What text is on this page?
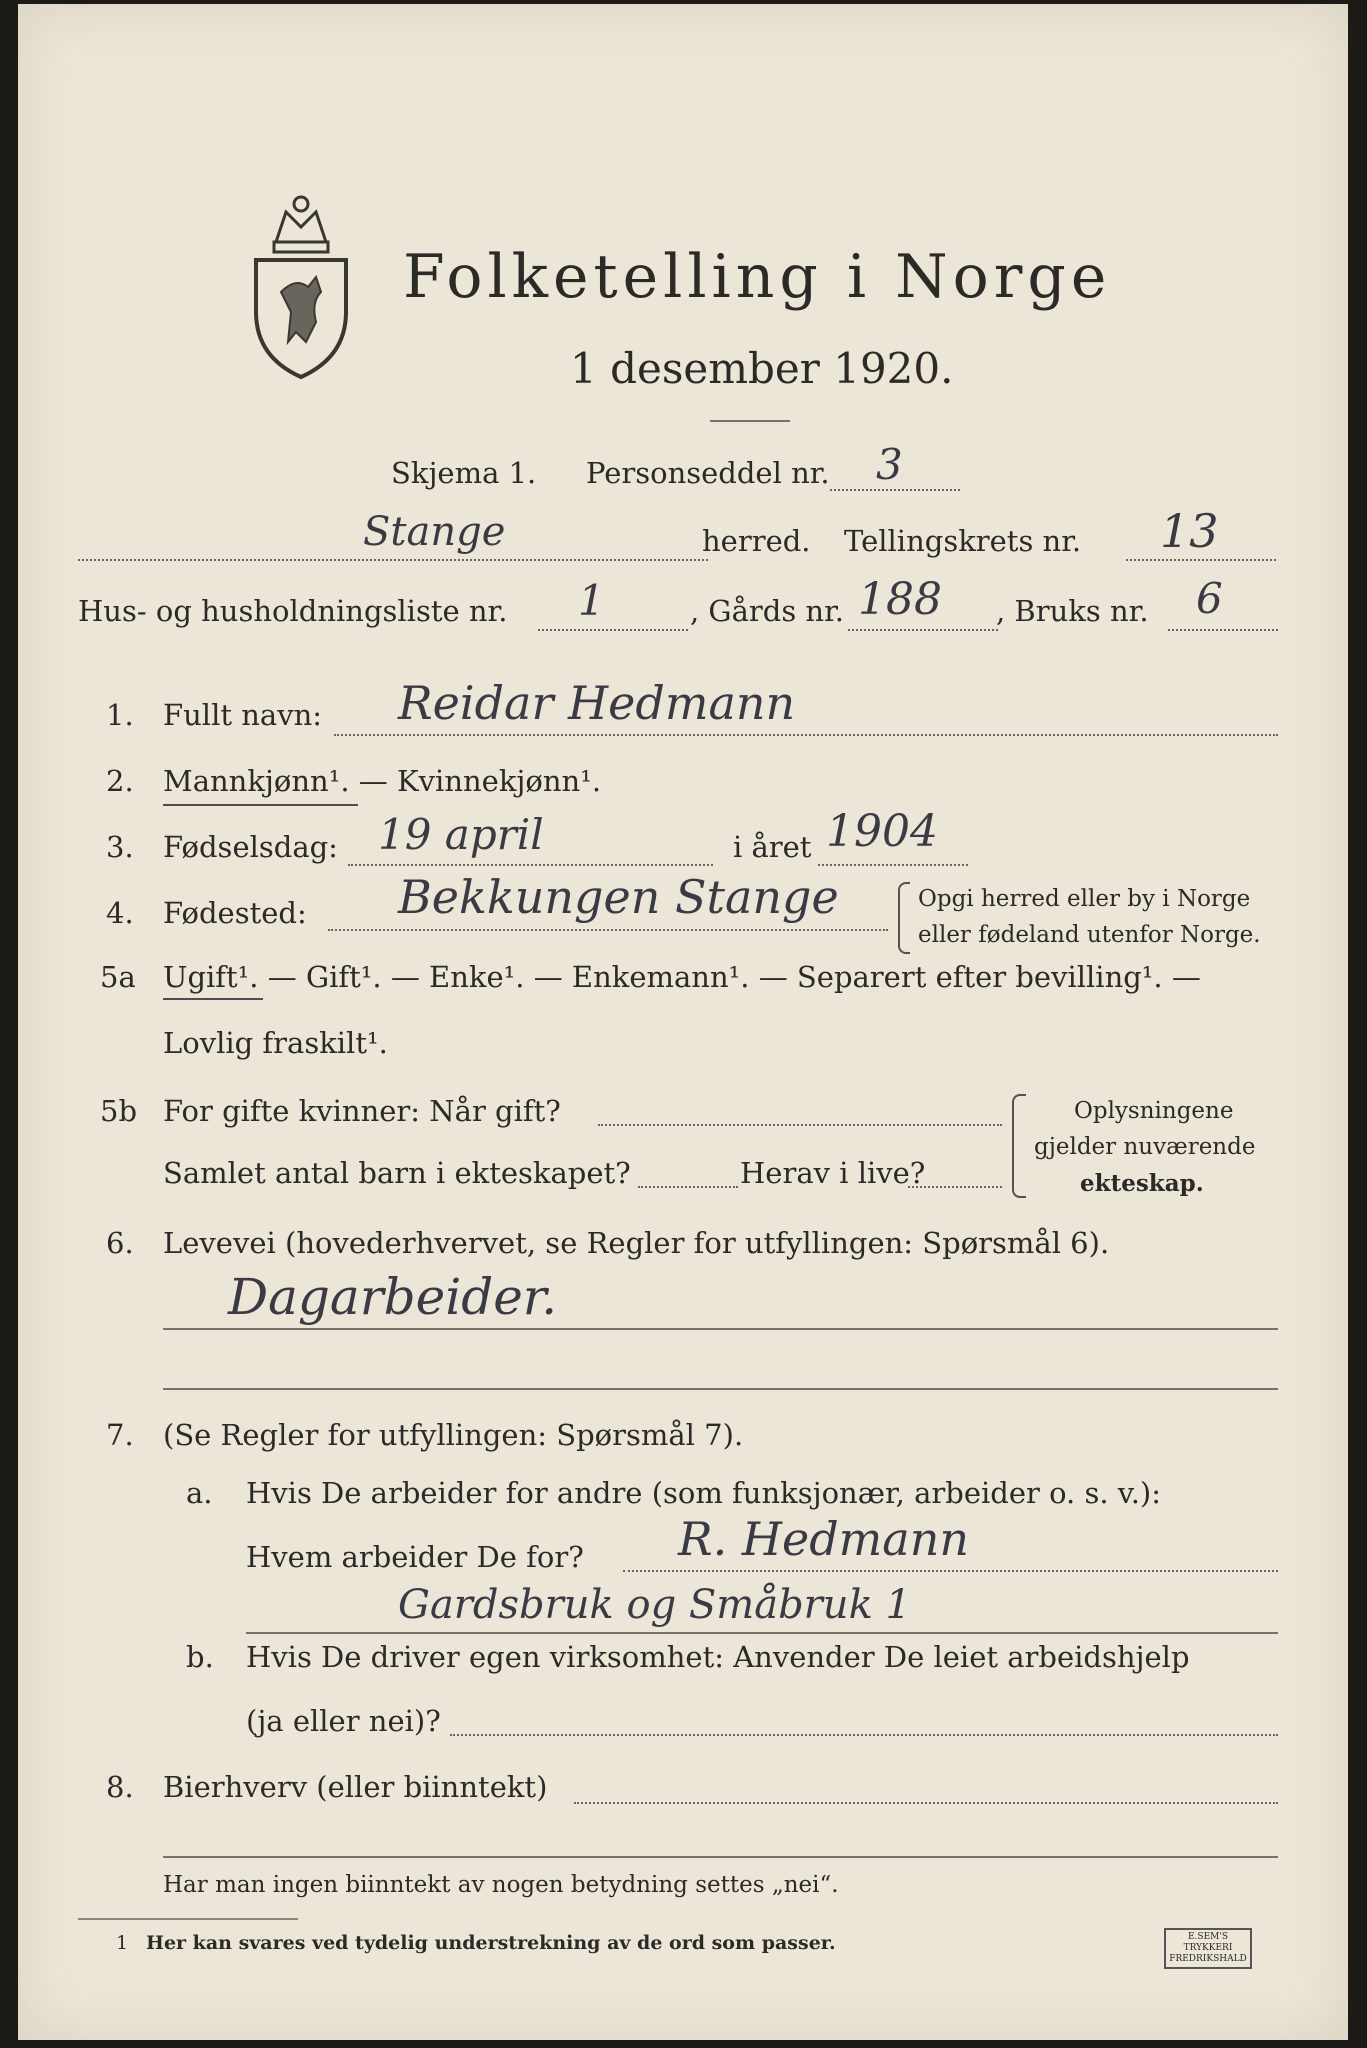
Folketelling i Norge
1 desember 1920.
Skjema 1. Personseddel nr. 3
Stange	herred. Tellingskrets nr. 13
Hus- og husholdningsliste nr. 1	, Gårds nr. 188 , Bruks nr. 6
1. Fullt navn: Reidar Hedmann
2. Mannkjønn¹. — Kvinnekjønn¹.
3. Fødselsdag: 19 april	i året 1904
4. Fødested: Bekkungen Stange	Opgi herred eller by i Norge
eller fødeland utenfor Norge.
5a Ugift¹. — Gift¹. — Enke¹. — Enkemann¹. — Separert efter bevilling¹. —
Lovlig fraskilt¹.
5b For gifte kvinner: Når gift?
Samlet antal barn i ekteskapet?	Herav i live?
Oplysningene
gjelder nuværende
ekteskap.
6. Levevei (hovederhvervet, se Regler for utfyllingen: Spørsmål 6).
Dagarbeider.
7. (Se Regler for utfyllingen: Spørsmål 7).
a. Hvis De arbeider for andre (som funksjonær, arbeider o. s. v.):
Hvem arbeider De for? R. Hedmann
Gardsbruk og Småbruk 1
b. Hvis De driver egen virksomhet: Anvender De leiet arbeidshjelp
(ja eller nei)?
8. Bierhverv (eller biinntekt)
Har man ingen biinntekt av nogen betydning settes „nei“.
1 Her kan svares ved tydelig understrekning av de ord som passer.	E.SEM'S TRYKKERI
FREDRIKSHALD
